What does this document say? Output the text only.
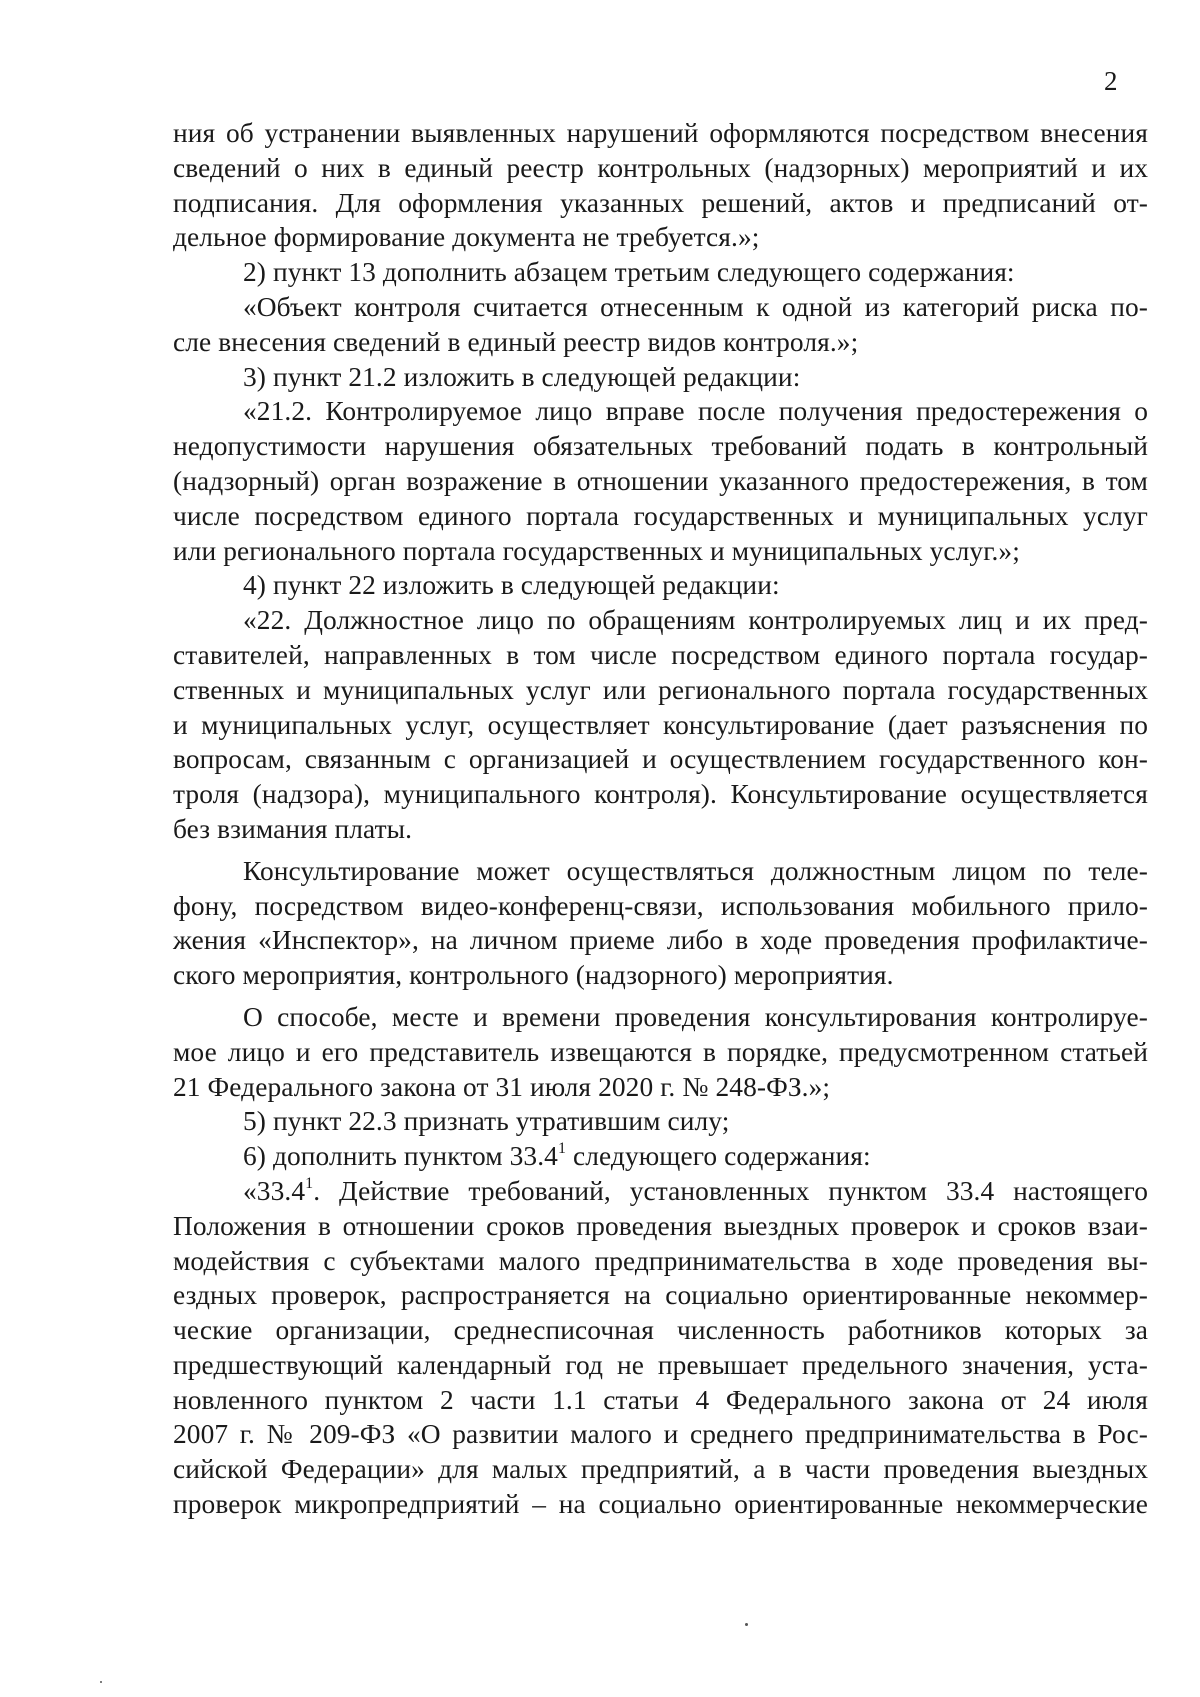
2
ния об устранении выявленных нарушений оформляются посредством внесения
сведений о них в единый реестр контрольных (надзорных) мероприятий и их
подписания. Для оформления указанных решений, актов и предписаний от-
дельное формирование документа не требуется.»;
2) пункт 13 дополнить абзацем третьим следующего содержания:
«Объект контроля считается отнесенным к одной из категорий риска по-
сле внесения сведений в единый реестр видов контроля.»;
3) пункт 21.2 изложить в следующей редакции:
«21.2. Контролируемое лицо вправе после получения предостережения о
недопустимости нарушения обязательных требований подать в контрольный
(надзорный) орган возражение в отношении указанного предостережения, в том
числе посредством единого портала государственных и муниципальных услуг
или регионального портала государственных и муниципальных услуг.»;
4) пункт 22 изложить в следующей редакции:
«22. Должностное лицо по обращениям контролируемых лиц и их пред-
ставителей, направленных в том числе посредством единого портала государ-
ственных и муниципальных услуг или регионального портала государственных
и муниципальных услуг, осуществляет консультирование (дает разъяснения по
вопросам, связанным с организацией и осуществлением государственного кон-
троля (надзора), муниципального контроля). Консультирование осуществляется
без взимания платы.
Консультирование может осуществляться должностным лицом по теле-
фону, посредством видео-конференц-связи, использования мобильного прило-
жения «Инспектор», на личном приеме либо в ходе проведения профилактиче-
ского мероприятия, контрольного (надзорного) мероприятия.
О способе, месте и времени проведения консультирования контролируе-
мое лицо и его представитель извещаются в порядке, предусмотренном статьей
21 Федерального закона от 31 июля 2020 г. № 248-ФЗ.»;
5) пункт 22.3 признать утратившим силу;
6) дополнить пунктом 33.4$^1$ следующего содержания:
«33.4$^1$. Действие требований, установленных пунктом 33.4 настоящего
Положения в отношении сроков проведения выездных проверок и сроков взаи-
модействия с субъектами малого предпринимательства в ходе проведения вы-
ездных проверок, распространяется на социально ориентированные некоммер-
ческие организации, среднесписочная численность работников которых за
предшествующий календарный год не превышает предельного значения, уста-
новленного пунктом 2 части 1.1 статьи 4 Федерального закона от 24 июля
2007 г. № 209-ФЗ «О развитии малого и среднего предпринимательства в Рос-
сийской Федерации» для малых предприятий, а в части проведения выездных
проверок микропредприятий – на социально ориентированные некоммерческие
